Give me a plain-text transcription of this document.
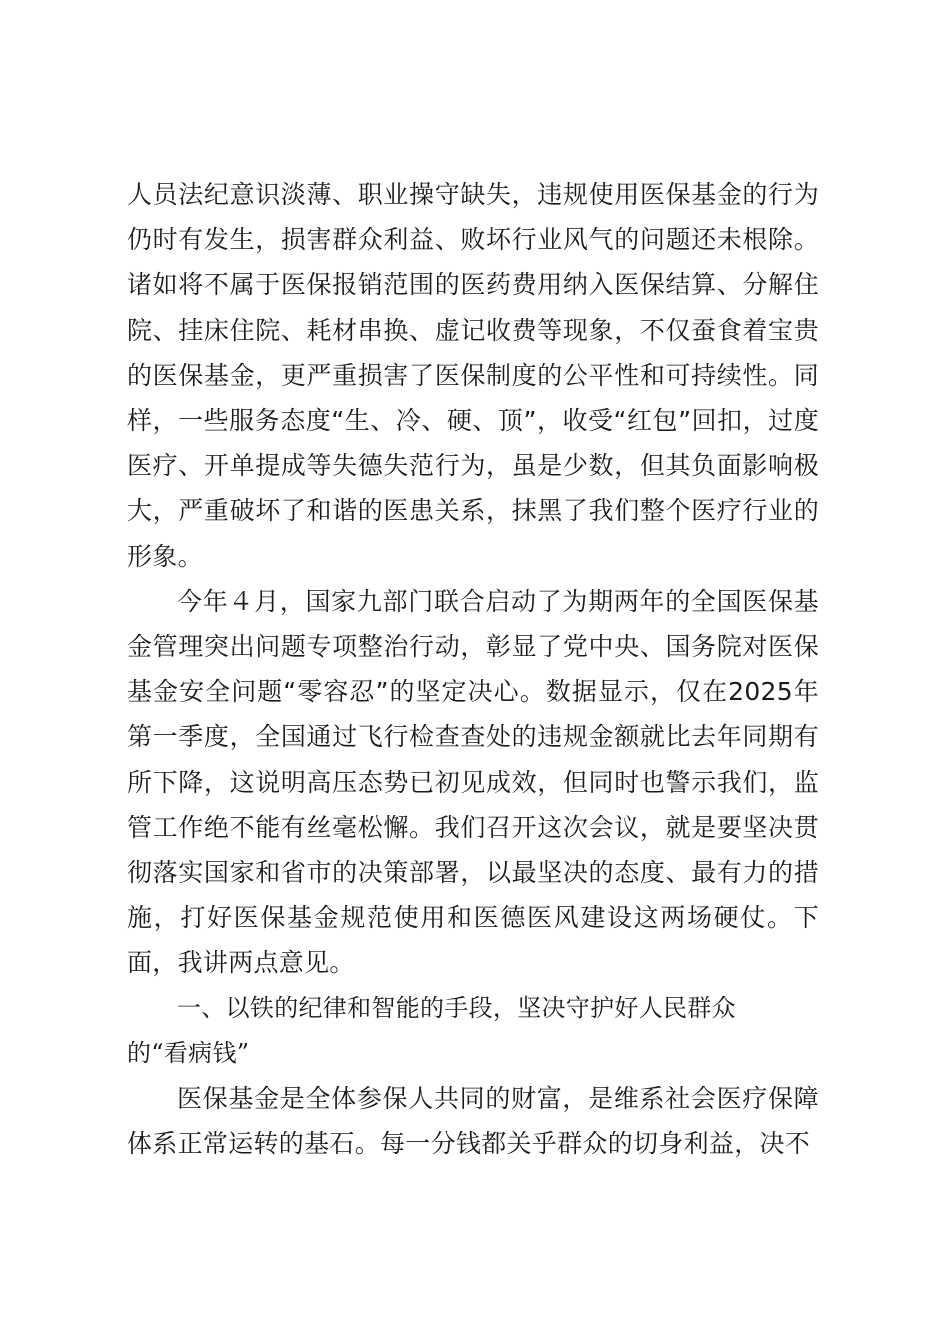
人员法纪意识淡薄、职业操守缺失，违规使用医保基金的行为仍时有发生，损害群众利益、败坏行业风气的问题还未根除。诸如将不属于医保报销范围的医药费用纳入医保结算、分解住院、挂床住院、耗材串换、虚记收费等现象，不仅蚕食着宝贵的医保基金，更严重损害了医保制度的公平性和可持续性。同样，一些服务态度“生、冷、硬、顶”，收受“红包”回扣，过度医疗、开单提成等失德失范行为，虽是少数，但其负面影响极大，严重破坏了和谐的医患关系，抹黑了我们整个医疗行业的形象。

今年４月，国家九部门联合启动了为期两年的全国医保基金管理突出问题专项整治行动，彰显了党中央、国务院对医保基金安全问题“零容忍”的坚定决心。数据显示，仅在2025年第一季度，全国通过飞行检查查处的违规金额就比去年同期有所下降，这说明高压态势已初见成效，但同时也警示我们，监管工作绝不能有丝毫松懈。我们召开这次会议，就是要坚决贯彻落实国家和省市的决策部署，以最坚决的态度、最有力的措施，打好医保基金规范使用和医德医风建设这两场硬仗。下面，我讲两点意见。

一、以铁的纪律和智能的手段，坚决守护好人民群众的“看病钱”

医保基金是全体参保人共同的财富，是维系社会医疗保障体系正常运转的基石。每一分钱都关乎群众的切身利益，决不
